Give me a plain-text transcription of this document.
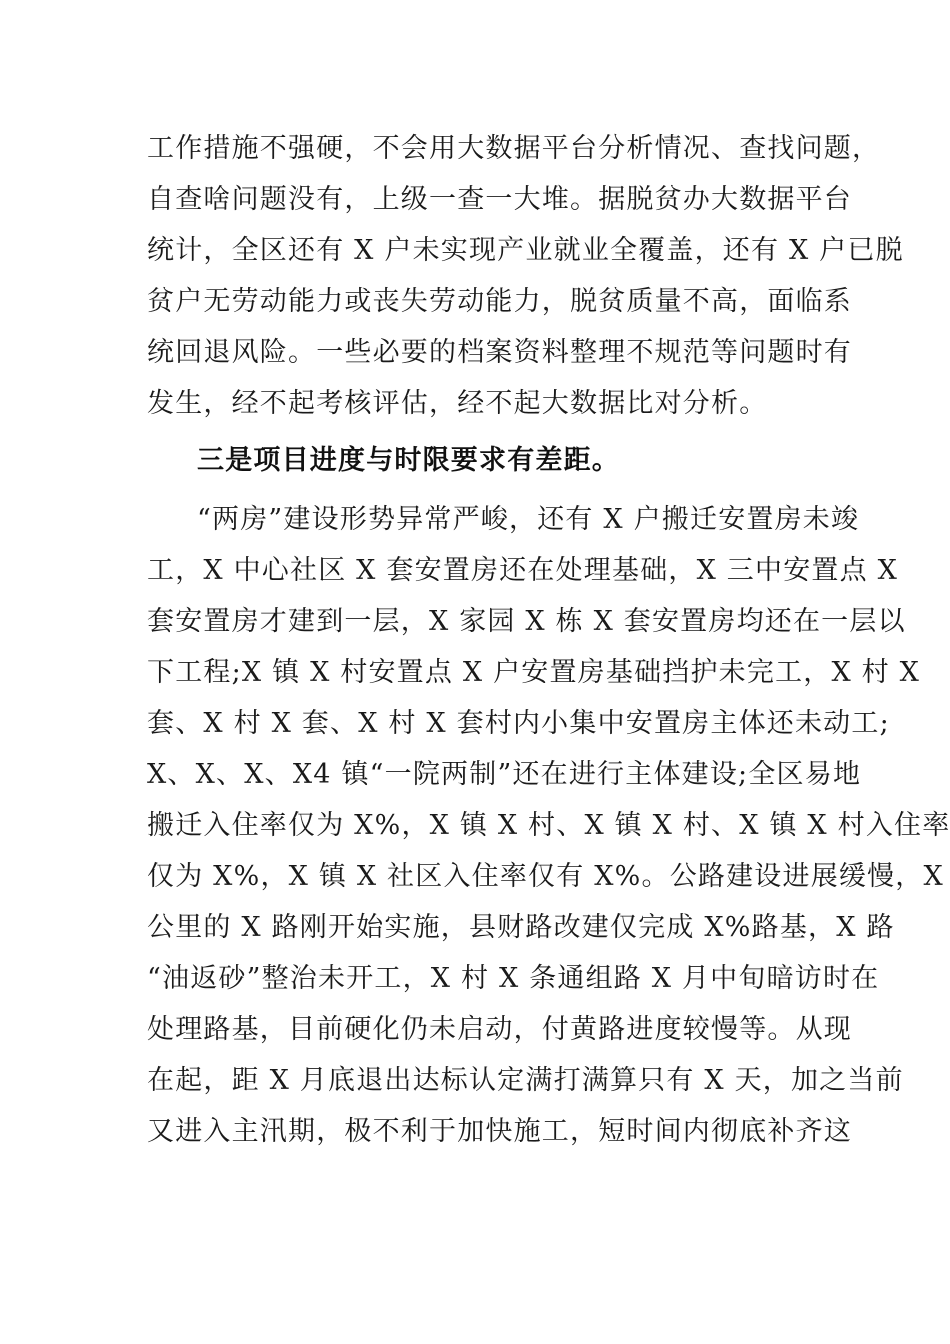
工作措施不强硬，不会用大数据平台分析情况、查找问题，
自查啥问题没有，上级一查一大堆。据脱贫办大数据平台
统计，全区还有 X 户未实现产业就业全覆盖，还有 X 户已脱
贫户无劳动能力或丧失劳动能力，脱贫质量不高，面临系
统回退风险。一些必要的档案资料整理不规范等问题时有
发生，经不起考核评估，经不起大数据比对分析。
三是项目进度与时限要求有差距。
“两房”建设形势异常严峻，还有 X 户搬迁安置房未竣
工，X 中心社区 X 套安置房还在处理基础，X 三中安置点 X
套安置房才建到一层，X 家园 X 栋 X 套安置房均还在一层以
下工程;X 镇 X 村安置点 X 户安置房基础挡护未完工，X 村 X
套、X 村 X 套、X 村 X 套村内小集中安置房主体还未动工;
X、X、X、X4 镇“一院两制”还在进行主体建设;全区易地
搬迁入住率仅为 X%，X 镇 X 村、X 镇 X 村、X 镇 X 村入住率
仅为 X%，X 镇 X 社区入住率仅有 X%。公路建设进展缓慢，X
公里的 X 路刚开始实施，县财路改建仅完成 X%路基，X 路
“油返砂”整治未开工，X 村 X 条通组路 X 月中旬暗访时在
处理路基，目前硬化仍未启动，付黄路进度较慢等。从现
在起，距 X 月底退出达标认定满打满算只有 X 天，加之当前
又进入主汛期，极不利于加快施工，短时间内彻底补齐这
